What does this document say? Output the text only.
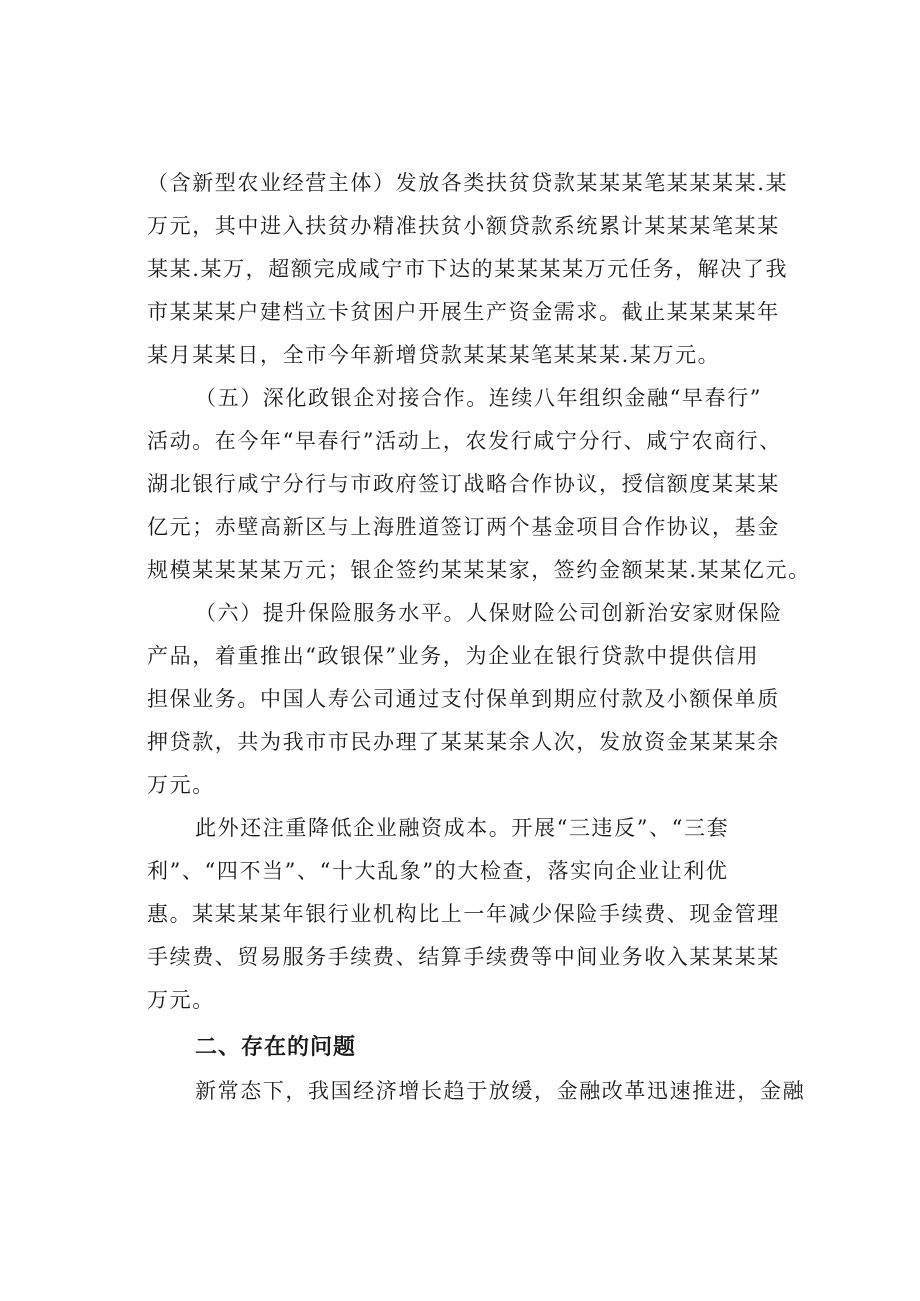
（含新型农业经营主体）发放各类扶贫贷款某某某笔某某某某.某
万元，其中进入扶贫办精准扶贫小额贷款系统累计某某某笔某某
某某.某万，超额完成咸宁市下达的某某某某万元任务，解决了我
市某某某户建档立卡贫困户开展生产资金需求。截止某某某某年
某月某某日，全市今年新增贷款某某某笔某某某.某万元。
（五）深化政银企对接合作。连续八年组织金融“早春行”
活动。在今年“早春行”活动上，农发行咸宁分行、咸宁农商行、
湖北银行咸宁分行与市政府签订战略合作协议，授信额度某某某
亿元；赤壁高新区与上海胜道签订两个基金项目合作协议，基金
规模某某某某万元；银企签约某某某家，签约金额某某.某某亿元。
（六）提升保险服务水平。人保财险公司创新治安家财保险
产品，着重推出“政银保”业务，为企业在银行贷款中提供信用
担保业务。中国人寿公司通过支付保单到期应付款及小额保单质
押贷款，共为我市市民办理了某某某余人次，发放资金某某某余
万元。
此外还注重降低企业融资成本。开展“三违反”、“三套
利”、“四不当”、“十大乱象”的大检查，落实向企业让利优
惠。某某某某年银行业机构比上一年减少保险手续费、现金管理
手续费、贸易服务手续费、结算手续费等中间业务收入某某某某
万元。
二、存在的问题
新常态下，我国经济增长趋于放缓，金融改革迅速推进，金融
